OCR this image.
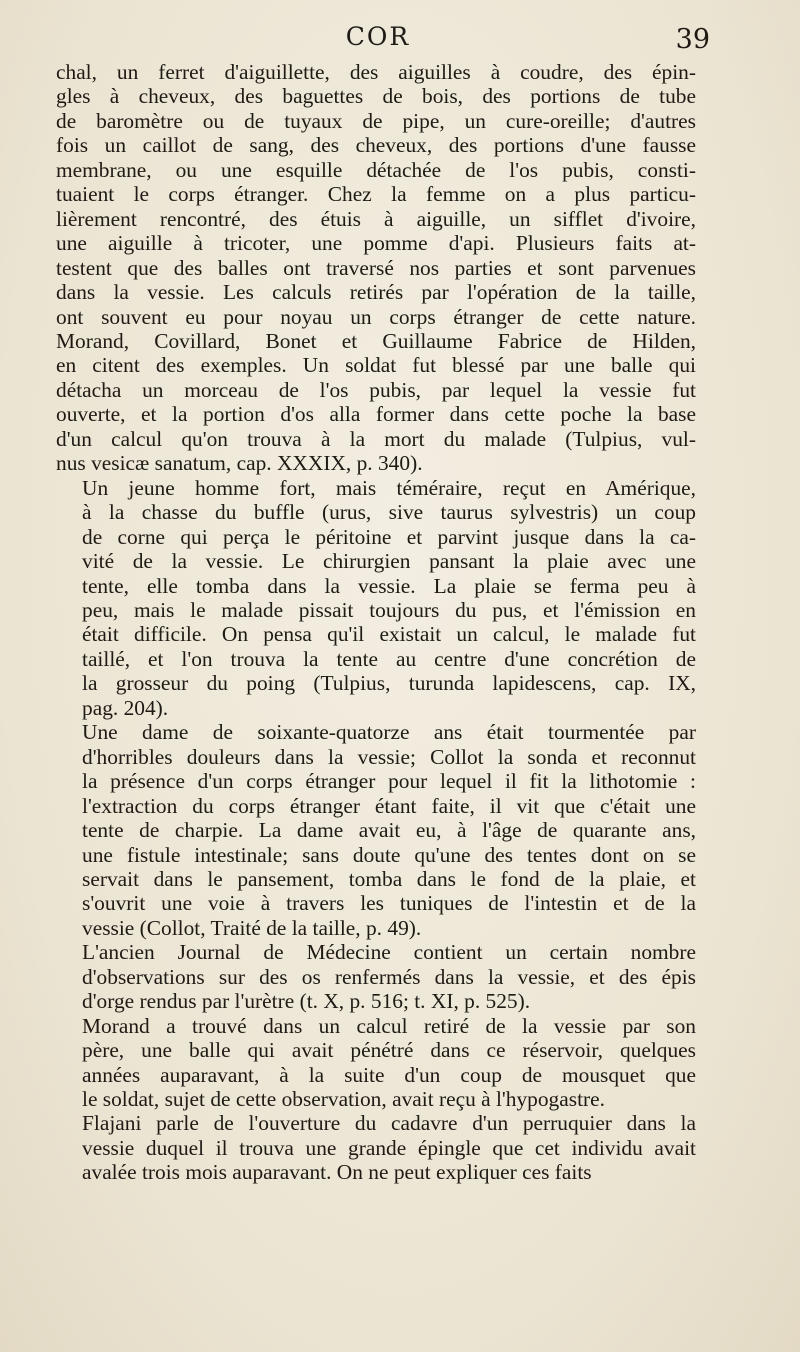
COR	39
chal, un ferret d'aiguillette, des aiguilles à coudre, des épin-
gles à cheveux, des baguettes de bois, des portions de tube
de baromètre ou de tuyaux de pipe, un cure-oreille; d'autres
fois un caillot de sang, des cheveux, des portions d'une fausse
membrane, ou une esquille détachée de l'os pubis, consti-
tuaient le corps étranger. Chez la femme on a plus particu-
lièrement rencontré, des étuis à aiguille, un sifflet d'ivoire,
une aiguille à tricoter, une pomme d'api. Plusieurs faits at-
testent que des balles ont traversé nos parties et sont parvenues
dans la vessie. Les calculs retirés par l'opération de la taille,
ont souvent eu pour noyau un corps étranger de cette nature.
Morand, Covillard, Bonet et Guillaume Fabrice de Hilden,
en citent des exemples. Un soldat fut blessé par une balle qui
détacha un morceau de l'os pubis, par lequel la vessie fut
ouverte, et la portion d'os alla former dans cette poche la base
d'un calcul qu'on trouva à la mort du malade (Tulpius, vul-
nus vesicæ sanatum, cap. XXXIX, p. 340).
Un jeune homme fort, mais téméraire, reçut en Amérique,
à la chasse du buffle (urus, sive taurus sylvestris) un coup
de corne qui perça le péritoine et parvint jusque dans la ca-
vité de la vessie. Le chirurgien pansant la plaie avec une
tente, elle tomba dans la vessie. La plaie se ferma peu à
peu, mais le malade pissait toujours du pus, et l'émission en
était difficile. On pensa qu'il existait un calcul, le malade fut
taillé, et l'on trouva la tente au centre d'une concrétion de
la grosseur du poing (Tulpius, turunda lapidescens, cap. IX,
pag. 204).
Une dame de soixante-quatorze ans était tourmentée par
d'horribles douleurs dans la vessie; Collot la sonda et reconnut
la présence d'un corps étranger pour lequel il fit la lithotomie :
l'extraction du corps étranger étant faite, il vit que c'était une
tente de charpie. La dame avait eu, à l'âge de quarante ans,
une fistule intestinale; sans doute qu'une des tentes dont on se
servait dans le pansement, tomba dans le fond de la plaie, et
s'ouvrit une voie à travers les tuniques de l'intestin et de la
vessie (Collot, Traité de la taille, p. 49).
L'ancien Journal de Médecine contient un certain nombre
d'observations sur des os renfermés dans la vessie, et des épis
d'orge rendus par l'urètre (t. X, p. 516; t. XI, p. 525).
Morand a trouvé dans un calcul retiré de la vessie par son
père, une balle qui avait pénétré dans ce réservoir, quelques
années auparavant, à la suite d'un coup de mousquet que
le soldat, sujet de cette observation, avait reçu à l'hypogastre.
Flajani parle de l'ouverture du cadavre d'un perruquier dans la
vessie duquel il trouva une grande épingle que cet individu avait
avalée trois mois auparavant. On ne peut expliquer ces faits
